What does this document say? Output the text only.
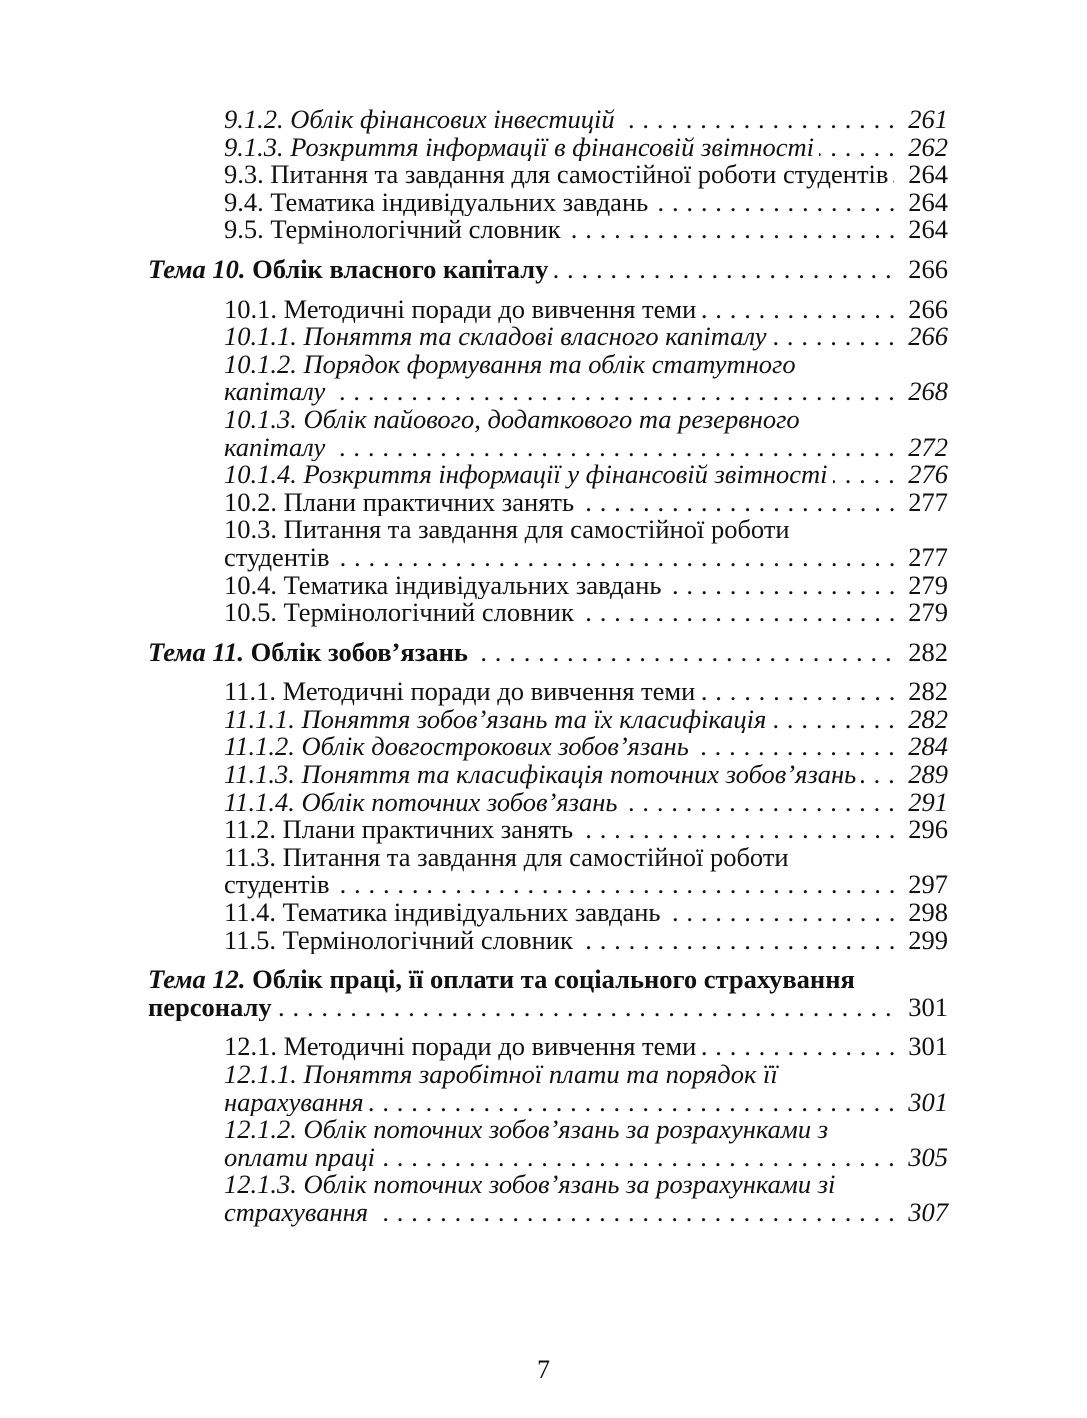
9.1.2. Облік фінансових інвестицій . . .	261
9.1.3. Розкриття інформації в фінансовій звітності . . .	262
9.3. Питання та завдання для самостійної роботи студентів . . . 264
9.4. Тематика індивідуальних завдань . . .	264
9.5. Термінологічний словник . . .	264
Тема 10. Облік власного капіталу . . .	266
10.1. Методичні поради до вивчення теми . . .	266
10.1.1. Поняття та складові власного капіталу . . .	266
10.1.2. Порядок формування та облік статутного капіталу . . .	268
10.1.3. Облік пайового, додаткового та резервного капіталу . . .	272
10.1.4. Розкриття інформації у фінансовій звітності . . .	276
10.2. Плани практичних занять . . .	277
10.3. Питання та завдання для самостійної роботи студентів . . .	277
10.4. Тематика індивідуальних завдань . . .	279
10.5. Термінологічний словник . . .	279
Тема 11. Облік зобов’язань . . .	282
11.1. Методичні поради до вивчення теми . . .	282
11.1.1. Поняття зобов’язань та їх класифікація . . .	282
11.1.2. Облік довгострокових зобов’язань . . .	284
11.1.3. Поняття та класифікація поточних зобов’язань . . .	289
11.1.4. Облік поточних зобов’язань . . .	291
11.2. Плани практичних занять . . .	296
11.3. Питання та завдання для самостійної роботи студентів . . .	297
11.4. Тематика індивідуальних завдань . . .	298
11.5. Термінологічний словник . . .	299
Тема 12. Облік праці, її оплати та соціального страхування персоналу . . .	301
12.1. Методичні поради до вивчення теми . . .	301
12.1.1. Поняття заробітної плати та порядок її нарахування . . .	301
12.1.2. Облік поточних зобов’язань за розрахунками з оплати праці . . .	305
12.1.3. Облік поточних зобов’язань за розрахунками зі страхування . . .	307
7
